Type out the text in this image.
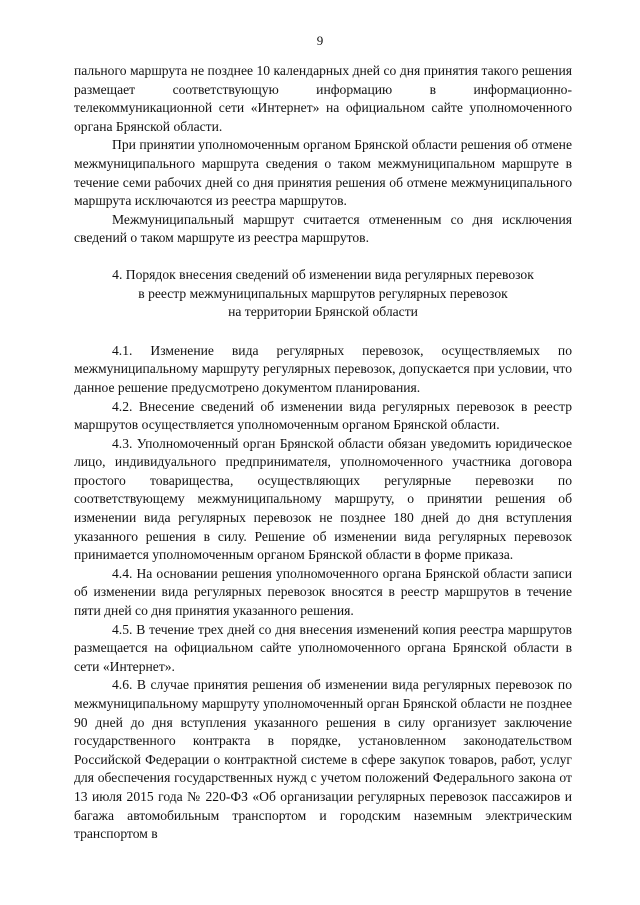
9

пального маршрута не позднее 10 календарных дней со дня принятия такого решения размещает соответствующую информацию в информационно-телекоммуникационной сети «Интернет» на официальном сайте уполномоченного органа Брянской области.

При принятии уполномоченным органом Брянской области решения об отмене межмуниципального маршрута сведения о таком межмуниципальном маршруте в течение семи рабочих дней со дня принятия решения об отмене межмуниципального маршрута исключаются из реестра маршрутов.

Межмуниципальный маршрут считается отмененным со дня исключения сведений о таком маршруте из реестра маршрутов.

4. Порядок внесения сведений об изменении вида регулярных перевозок
в реестр межмуниципальных маршрутов регулярных перевозок
на территории Брянской области

4.1. Изменение вида регулярных перевозок, осуществляемых по межмуниципальному маршруту регулярных перевозок, допускается при условии, что данное решение предусмотрено документом планирования.

4.2. Внесение сведений об изменении вида регулярных перевозок в реестр маршрутов осуществляется уполномоченным органом Брянской области.

4.3. Уполномоченный орган Брянской области обязан уведомить юридическое лицо, индивидуального предпринимателя, уполномоченного участника договора простого товарищества, осуществляющих регулярные перевозки по соответствующему межмуниципальному маршруту, о принятии решения об изменении вида регулярных перевозок не позднее 180 дней до дня вступления указанного решения в силу. Решение об изменении вида регулярных перевозок принимается уполномоченным органом Брянской области в форме приказа.

4.4. На основании решения уполномоченного органа Брянской области записи об изменении вида регулярных перевозок вносятся в реестр маршрутов в течение пяти дней со дня принятия указанного решения.

4.5. В течение трех дней со дня внесения изменений копия реестра маршрутов размещается на официальном сайте уполномоченного органа Брянской области в сети «Интернет».

4.6. В случае принятия решения об изменении вида регулярных перевозок по межмуниципальному маршруту уполномоченный орган Брянской области не позднее 90 дней до дня вступления указанного решения в силу организует заключение государственного контракта в порядке, установленном законодательством Российской Федерации о контрактной системе в сфере закупок товаров, работ, услуг для обеспечения государственных нужд с учетом положений Федерального закона от 13 июля 2015 года № 220-ФЗ «Об организации регулярных перевозок пассажиров и багажа автомобильным транспортом и городским наземным электрическим транспортом в
